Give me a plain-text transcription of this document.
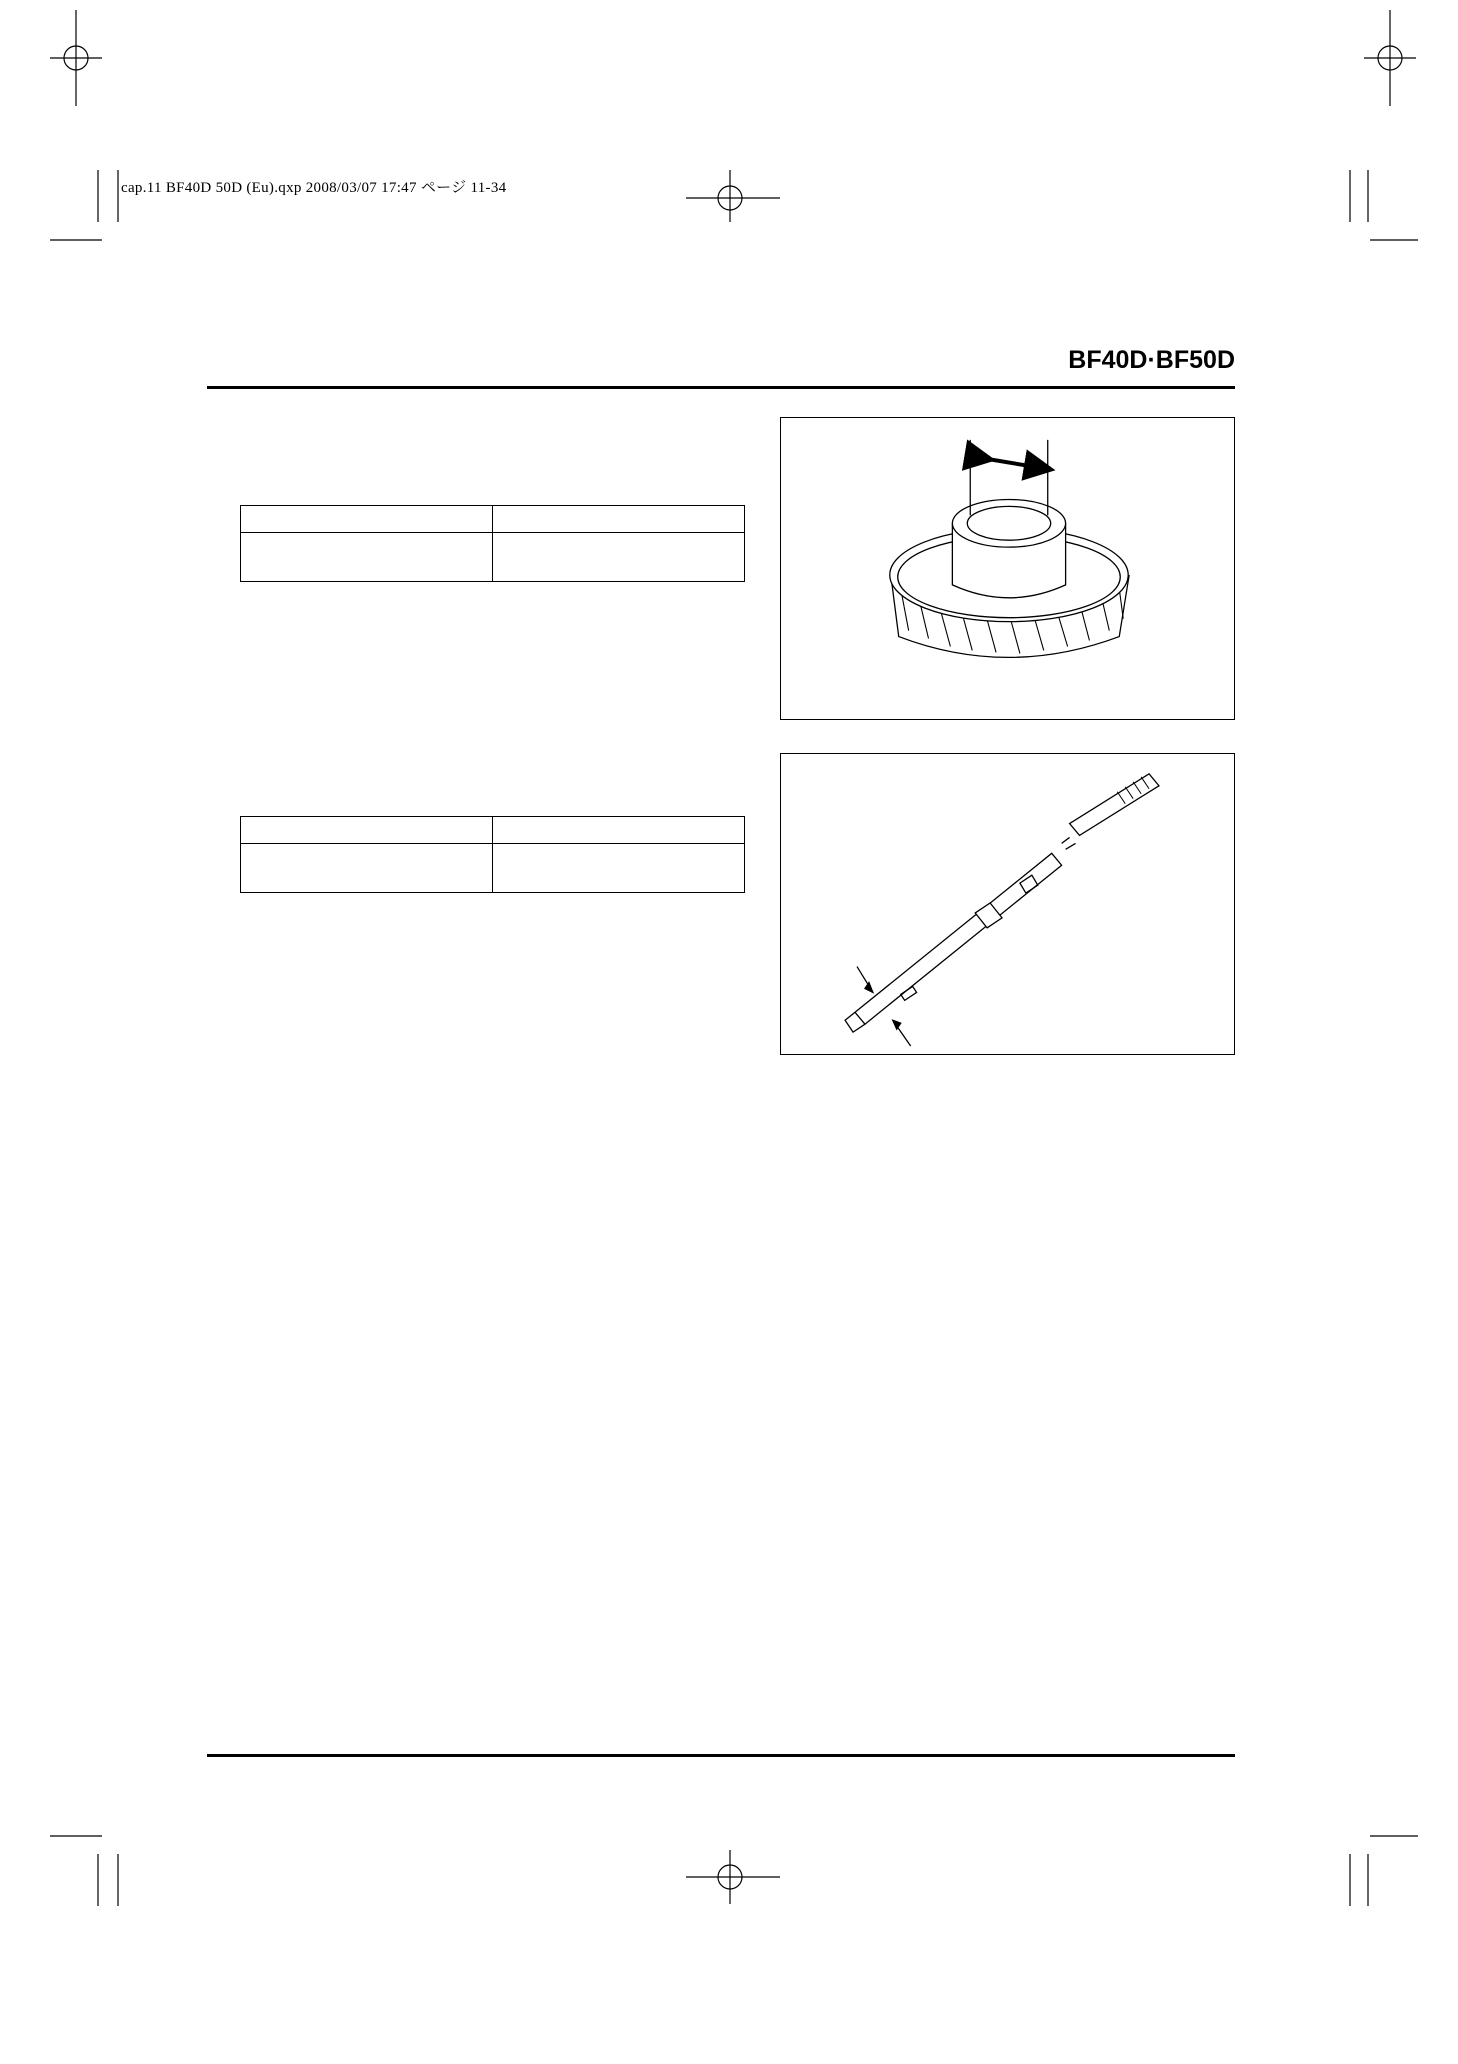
cap.11 BF40D 50D (Eu).qxp 2008/03/07 17:47 ページ 11-34
BF40D·BF50D
